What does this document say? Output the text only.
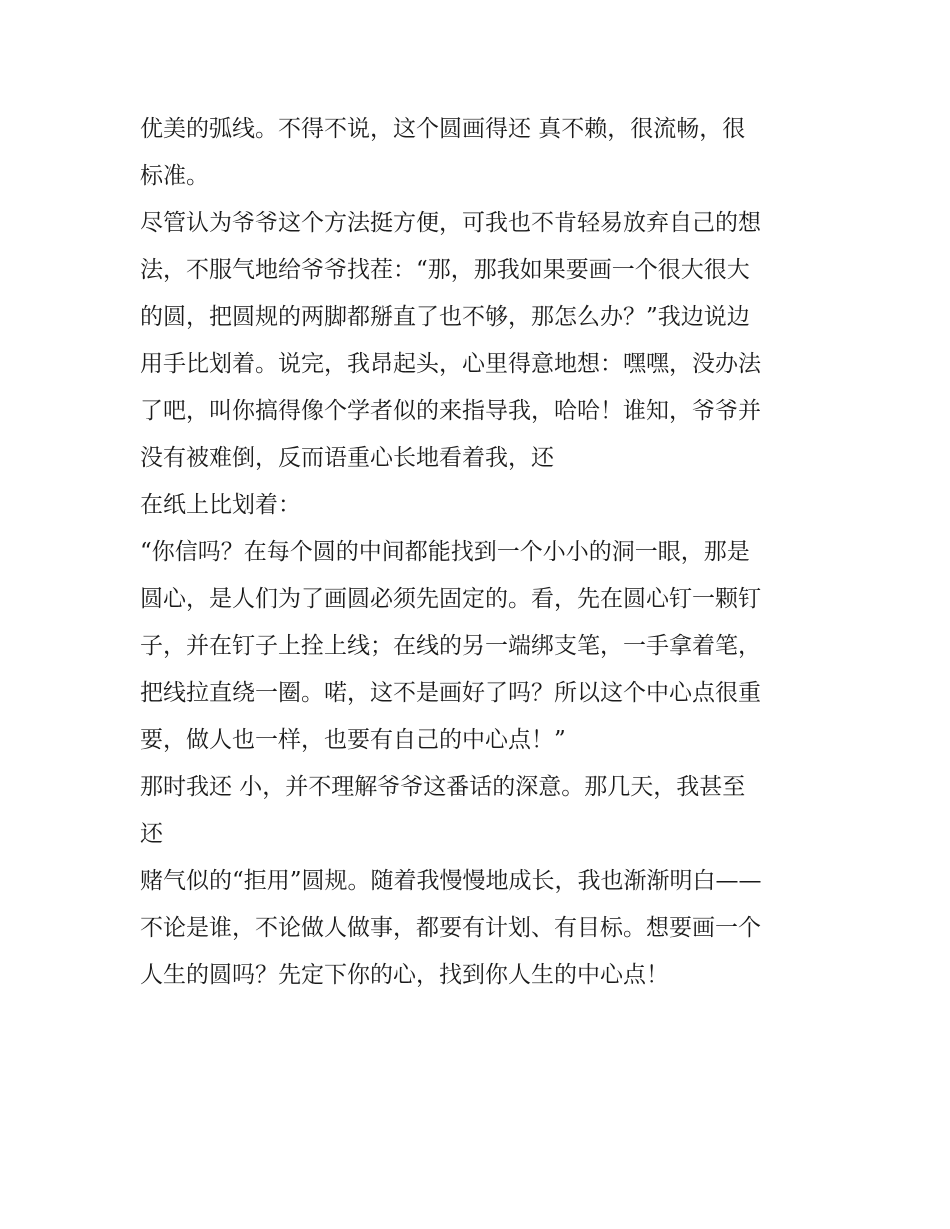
优美的弧线。不得不说，这个圆画得还 真不赖，很流畅，很
标准。
尽管认为爷爷这个方法挺方便，可我也不肯轻易放弃自己的想
法，不服气地给爷爷找茬：“那，那我如果要画一个很大很大
的圆，把圆规的两脚都掰直了也不够，那怎么办？”我边说边
用手比划着。说完，我昂起头，心里得意地想：嘿嘿，没办法
了吧，叫你搞得像个学者似的来指导我，哈哈！谁知，爷爷并
没有被难倒，反而语重心长地看着我，还
在纸上比划着：
“你信吗？在每个圆的中间都能找到一个小小的洞一眼，那是
圆心，是人们为了画圆必须先固定的。看，先在圆心钉一颗钉
子，并在钉子上拴上线；在线的另一端绑支笔，一手拿着笔，
把线拉直绕一圈。喏，这不是画好了吗？所以这个中心点很重
要，做人也一样，也要有自己的中心点！”
那时我还 小，并不理解爷爷这番话的深意。那几天，我甚至
还
赌气似的“拒用”圆规。随着我慢慢地成长，我也渐渐明白——
不论是谁，不论做人做事，都要有计划、有目标。想要画一个
人生的圆吗？先定下你的心，找到你人生的中心点！
